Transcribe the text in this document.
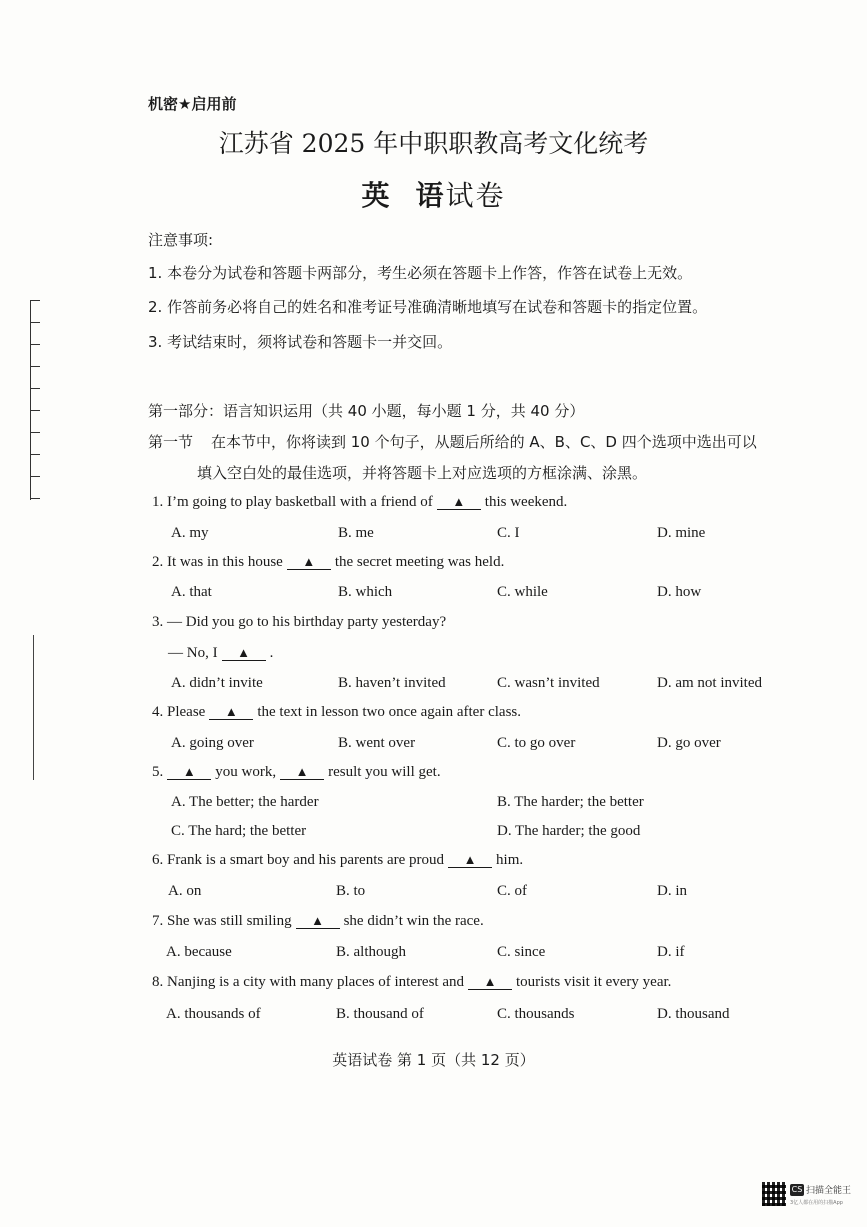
机密★启用前
江苏省 2025 年中职职教高考文化统考
英 语试卷
注意事项:
1. 本卷分为试卷和答题卡两部分，考生必须在答题卡上作答，作答在试卷上无效。
2. 作答前务必将自己的姓名和准考证号准确清晰地填写在试卷和答题卡的指定位置。
3. 考试结束时，须将试卷和答题卡一并交回。
第一部分：语言知识运用（共 40 小题，每小题 1 分，共 40 分）
第一节 在本节中，你将读到 10 个句子，从题后所给的 A、B、C、D 四个选项中选出可以
填入空白处的最佳选项，并将答题卡上对应选项的方框涂满、涂黑。
1. I’m going to play basketball with a friend of ▲ this weekend.
A. my	B. me	C. I	D. mine
2. It was in this house ▲ the secret meeting was held.
A. that	B. which	C. while	D. how
3. — Did you go to his birthday party yesterday?
— No, I ▲ .
A. didn’t invite	B. haven’t invited	C. wasn’t invited	D. am not invited
4. Please ▲ the text in lesson two once again after class.
A. going over	B. went over	C. to go over	D. go over
5. ▲ you work, ▲ result you will get.
A. The better; the harder	B. The harder; the better
C. The hard; the better	D. The harder; the good
6. Frank is a smart boy and his parents are proud ▲ him.
A. on	B. to	C. of	D. in
7. She was still smiling ▲ she didn’t win the race.
A. because	B. although	C. since	D. if
8. Nanjing is a city with many places of interest and ▲ tourists visit it every year.
A. thousands of	B. thousand of	C. thousands	D. thousand
英语试卷 第 1 页（共 12 页）
CS 扫描全能王
3亿人都在用的扫描App
